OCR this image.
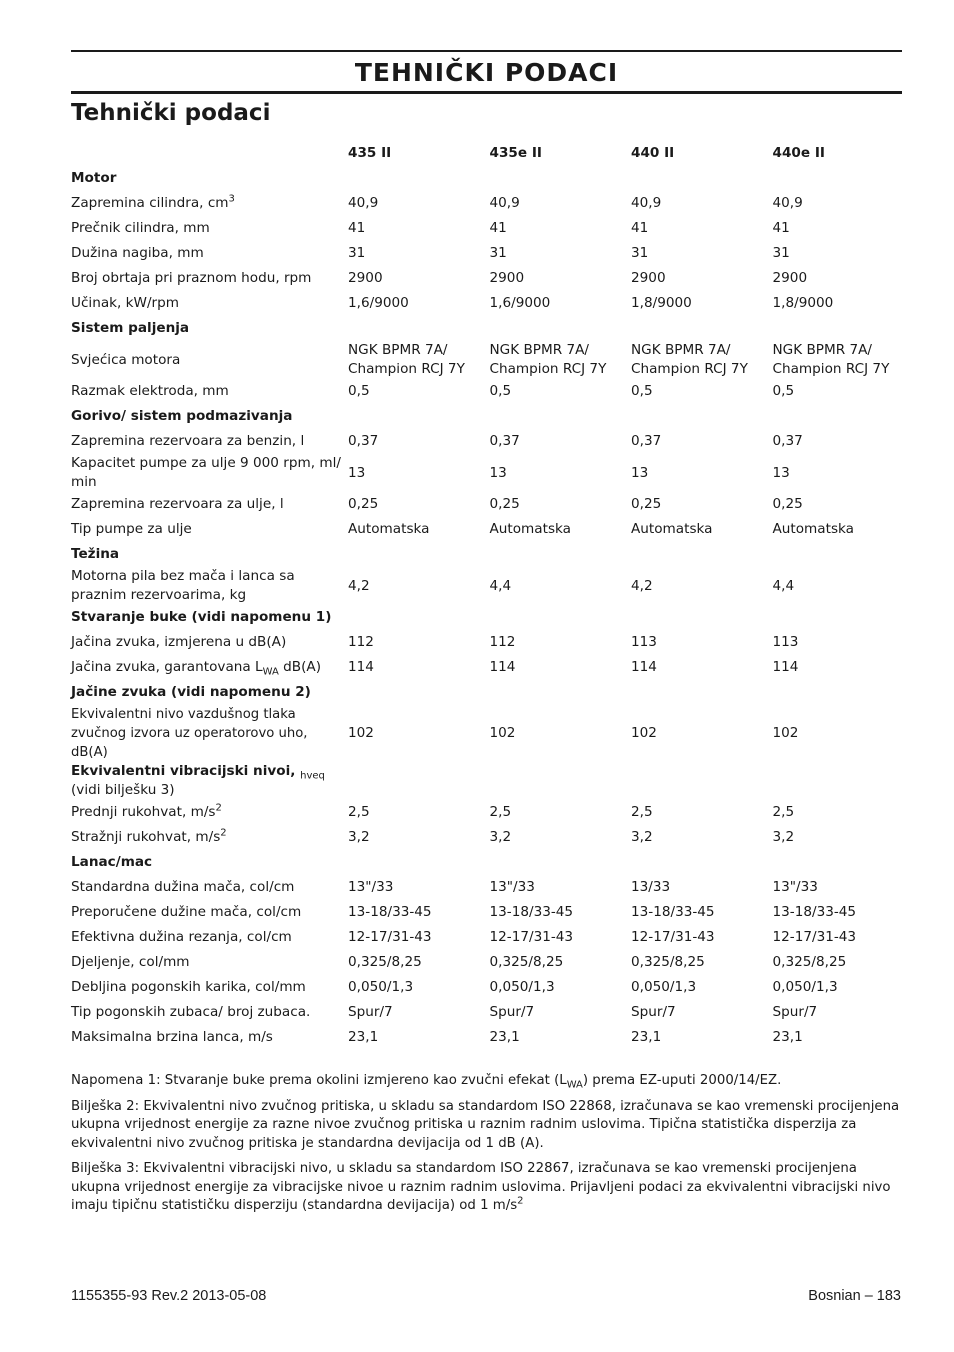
TEHNIČKI PODACI
Tehnički podaci
	435 II	435e II	440 II	440e II
Motor				
Zapremina cilindra, $cm^3$	40,9	40,9	40,9	40,9
Prečnik cilindra, mm	41	41	41	41
Dužina nagiba, mm	31	31	31	31
Broj obrtaja pri praznom hodu, rpm	2900	2900	2900	2900
Učinak, kW/rpm	1,6/9000	1,6/9000	1,8/9000	1,8/9000
Sistem paljenja				
Svjećica motora	NGK BPMR 7A/ Champion RCJ 7Y	NGK BPMR 7A/ Champion RCJ 7Y	NGK BPMR 7A/ Champion RCJ 7Y	NGK BPMR 7A/ Champion RCJ 7Y
Razmak elektroda, mm	0,5	0,5	0,5	0,5
Gorivo/ sistem podmazivanja				
Zapremina rezervoara za benzin, l	0,37	0,37	0,37	0,37
Kapacitet pumpe za ulje 9 000 rpm, ml/ min	13	13	13	13
Zapremina rezervoara za ulje, l	0,25	0,25	0,25	0,25
Tip pumpe za ulje	Automatska	Automatska	Automatska	Automatska
Težina				
Motorna pila bez mača i lanca sa praznim rezervoarima, kg	4,2	4,4	4,2	4,4
Stvaranje buke (vidi napomenu 1)				
Jačina zvuka, izmjerena u dB(A)	112	112	113	113
Jačina zvuka, garantovana $L_{WA}$ dB(A)	114	114	114	114
Jačine zvuka (vidi napomenu 2)				
Ekvivalentni nivo vazdušnog tlaka zvučnog izvora uz operatorovo uho, dB(A)	102	102	102	102
Ekvivalentni vibracijski nivoi, $_{hveq}$
(vidi bilješku 3)				
Prednji rukohvat, $m/s^2$	2,5	2,5	2,5	2,5
Stražnji rukohvat, $m/s^2$	3,2	3,2	3,2	3,2
Lanac/mac				
Standardna dužina mača, col/cm	13"/33	13"/33	13/33	13"/33
Preporučene dužine mača, col/cm	13-18/33-45	13-18/33-45	13-18/33-45	13-18/33-45
Efektivna dužina rezanja, col/cm	12-17/31-43	12-17/31-43	12-17/31-43	12-17/31-43
Djeljenje, col/mm	0,325/8,25	0,325/8,25	0,325/8,25	0,325/8,25
Debljina pogonskih karika, col/mm	0,050/1,3	0,050/1,3	0,050/1,3	0,050/1,3
Tip pogonskih zubaca/ broj zubaca.	Spur/7	Spur/7	Spur/7	Spur/7
Maksimalna brzina lanca, m/s	23,1	23,1	23,1	23,1

Napomena 1: Stvaranje buke prema okolini izmjereno kao zvučni efekat $(L_{WA})$ prema EZ-uputi 2000/14/EZ.

Bilješka 2: Ekvivalentni nivo zvučnog pritiska, u skladu sa standardom ISO 22868, izračunava se kao vremenski procijenjena ukupna vrijednost energije za razne nivoe zvučnog pritiska u raznim radnim uslovima. Tipična statistička disperzija za ekvivalentni nivo zvučnog pritiska je standardna devijacija od 1 dB (A).

Bilješka 3: Ekvivalentni vibracijski nivo, u skladu sa standardom ISO 22867, izračunava se kao vremenski procijenjena ukupna vrijednost energije za vibracijske nivoe u raznim radnim uslovima. Prijavljeni podaci za ekvivalentni vibracijski nivo imaju tipičnu statističku disperziju (standardna devijacija) od 1 $m/s^2$

1155355-93 Rev.2 2013-05-08	Bosnian – 183
